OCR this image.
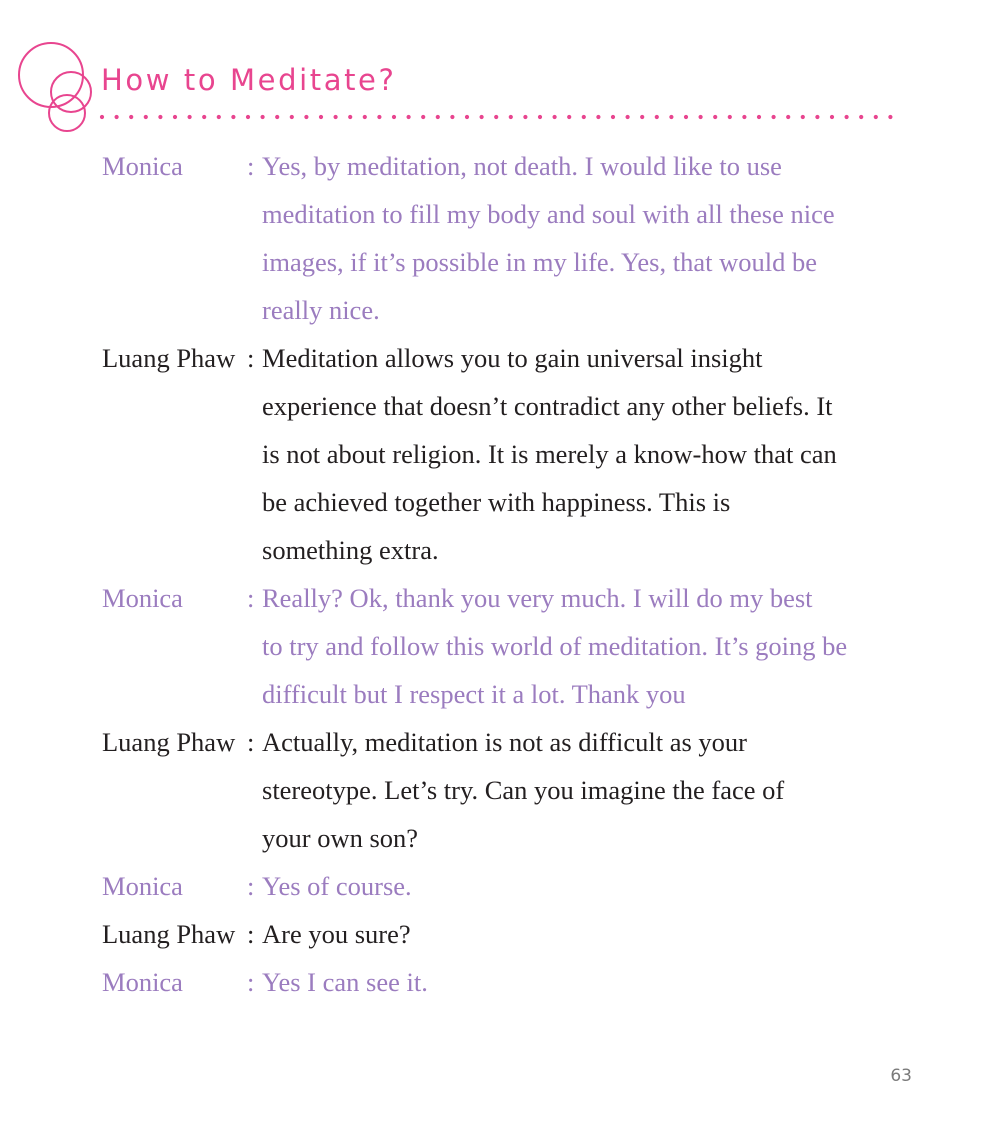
How to Meditate?
Monica	: Yes, by meditation, not death. I would like to use
meditation to fill my body and soul with all these nice
images, if it’s possible in my life. Yes, that would be
really nice.
Luang Phaw : Meditation allows you to gain universal insight
experience that doesn’t contradict any other beliefs. It
is not about religion. It is merely a know-how that can
be achieved together with happiness. This is
something extra.
Monica	: Really? Ok, thank you very much. I will do my best
to try and follow this world of meditation. It’s going be
difficult but I respect it a lot. Thank you
Luang Phaw : Actually, meditation is not as difficult as your
stereotype. Let’s try. Can you imagine the face of
your own son?
Monica	: Yes of course.
Luang Phaw : Are you sure?
Monica	: Yes I can see it.
63
